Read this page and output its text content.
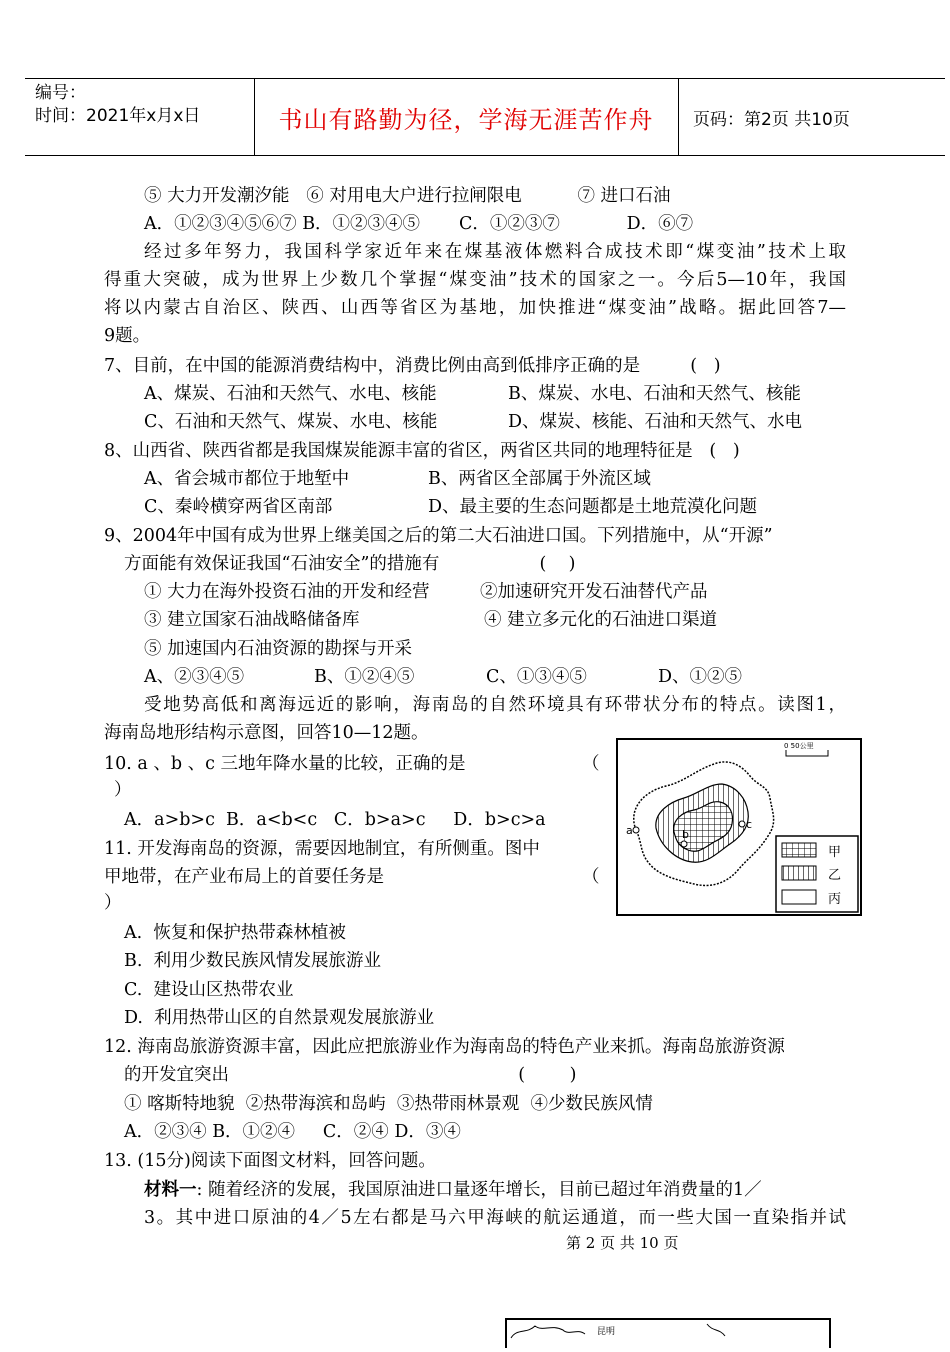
编号：
时间：2021年x月x日	书山有路勤为径，学海无涯苦作舟	页码：第2页 共10页
⑤ 大力开发潮汐能   ⑥ 对用电大户进行拉闸限电          ⑦ 进口石油
A．①②③④⑤⑥⑦ B．①②③④⑤       C．①②③⑦            D．⑥⑦
经过多年努力，我国科学家近年来在煤基液体燃料合成技术即“煤变油”技术上取
得重大突破，成为世界上少数几个掌握“煤变油”技术的国家之一。今后5—10年，我国
将以内蒙古自治区、陕西、山西等省区为基地，加快推进“煤变油”战略。据此回答7—
9题。
7、目前，在中国的能源消费结构中，消费比例由高到低排序正确的是         (   )
A、煤炭、石油和天然气、水电、核能	B、煤炭、水电、石油和天然气、核能
C、石油和天然气、煤炭、水电、核能	D、煤炭、核能、石油和天然气、水电
8、山西省、陕西省都是我国煤炭能源丰富的省区，两省区共同的地理特征是   (   )
A、省会城市都位于地堑中	B、两省区全部属于外流区域
C、秦岭横穿两省区南部	D、最主要的生态问题都是土地荒漠化问题
9、2004年中国有成为世界上继美国之后的第二大石油进口国。下列措施中，从“开源”
方面能有效保证我国“石油安全”的措施有                  (    )
① 大力在海外投资石油的开发和经营	②加速研究开发石油替代产品
③ 建立国家石油战略储备库	④ 建立多元化的石油进口渠道
⑤ 加速国内石油资源的勘探与开采
A、②③④⑤	B、①②④⑤	C、①③④⑤	D、①②⑤
受地势高低和离海远近的影响，海南岛的自然环境具有环带状分布的特点。读图1，
海南岛地形结构示意图，回答10—12题。
10. a 、b 、c 三地年降水量的比较，正确的是	（
）
A．a>b>c  B．a<b<c   C．b>a>c     D．b>c>a
11. 开发海南岛的资源，需要因地制宜，有所侧重。图中
甲地带，在产业布局上的首要任务是	（
）
A.  恢复和保护热带森林植被
B.  利用少数民族风情发展旅游业
C.  建设山区热带农业
D.  利用热带山区的自然景观发展旅游业
12. 海南岛旅游资源丰富，因此应把旅游业作为海南岛的特色产业来抓。海南岛旅游资源
的开发宜突出                                                    (        )
① 喀斯特地貌  ②热带海滨和岛屿  ③热带雨林景观  ④少数民族风情
A．②③④ B．①②④     C．②④ D．③④
13. (15分)阅读下面图文材料，回答问题。
材料一: 随着经济的发展，我国原油进口量逐年增长，目前已超过年消费量的1／
3。其中进口原油的4／5左右都是马六甲海峡的航运通道，而一些大国一直染指并试
0 50公里
a	b
c
甲
乙
丙
第 2 页 共 10 页
昆明
